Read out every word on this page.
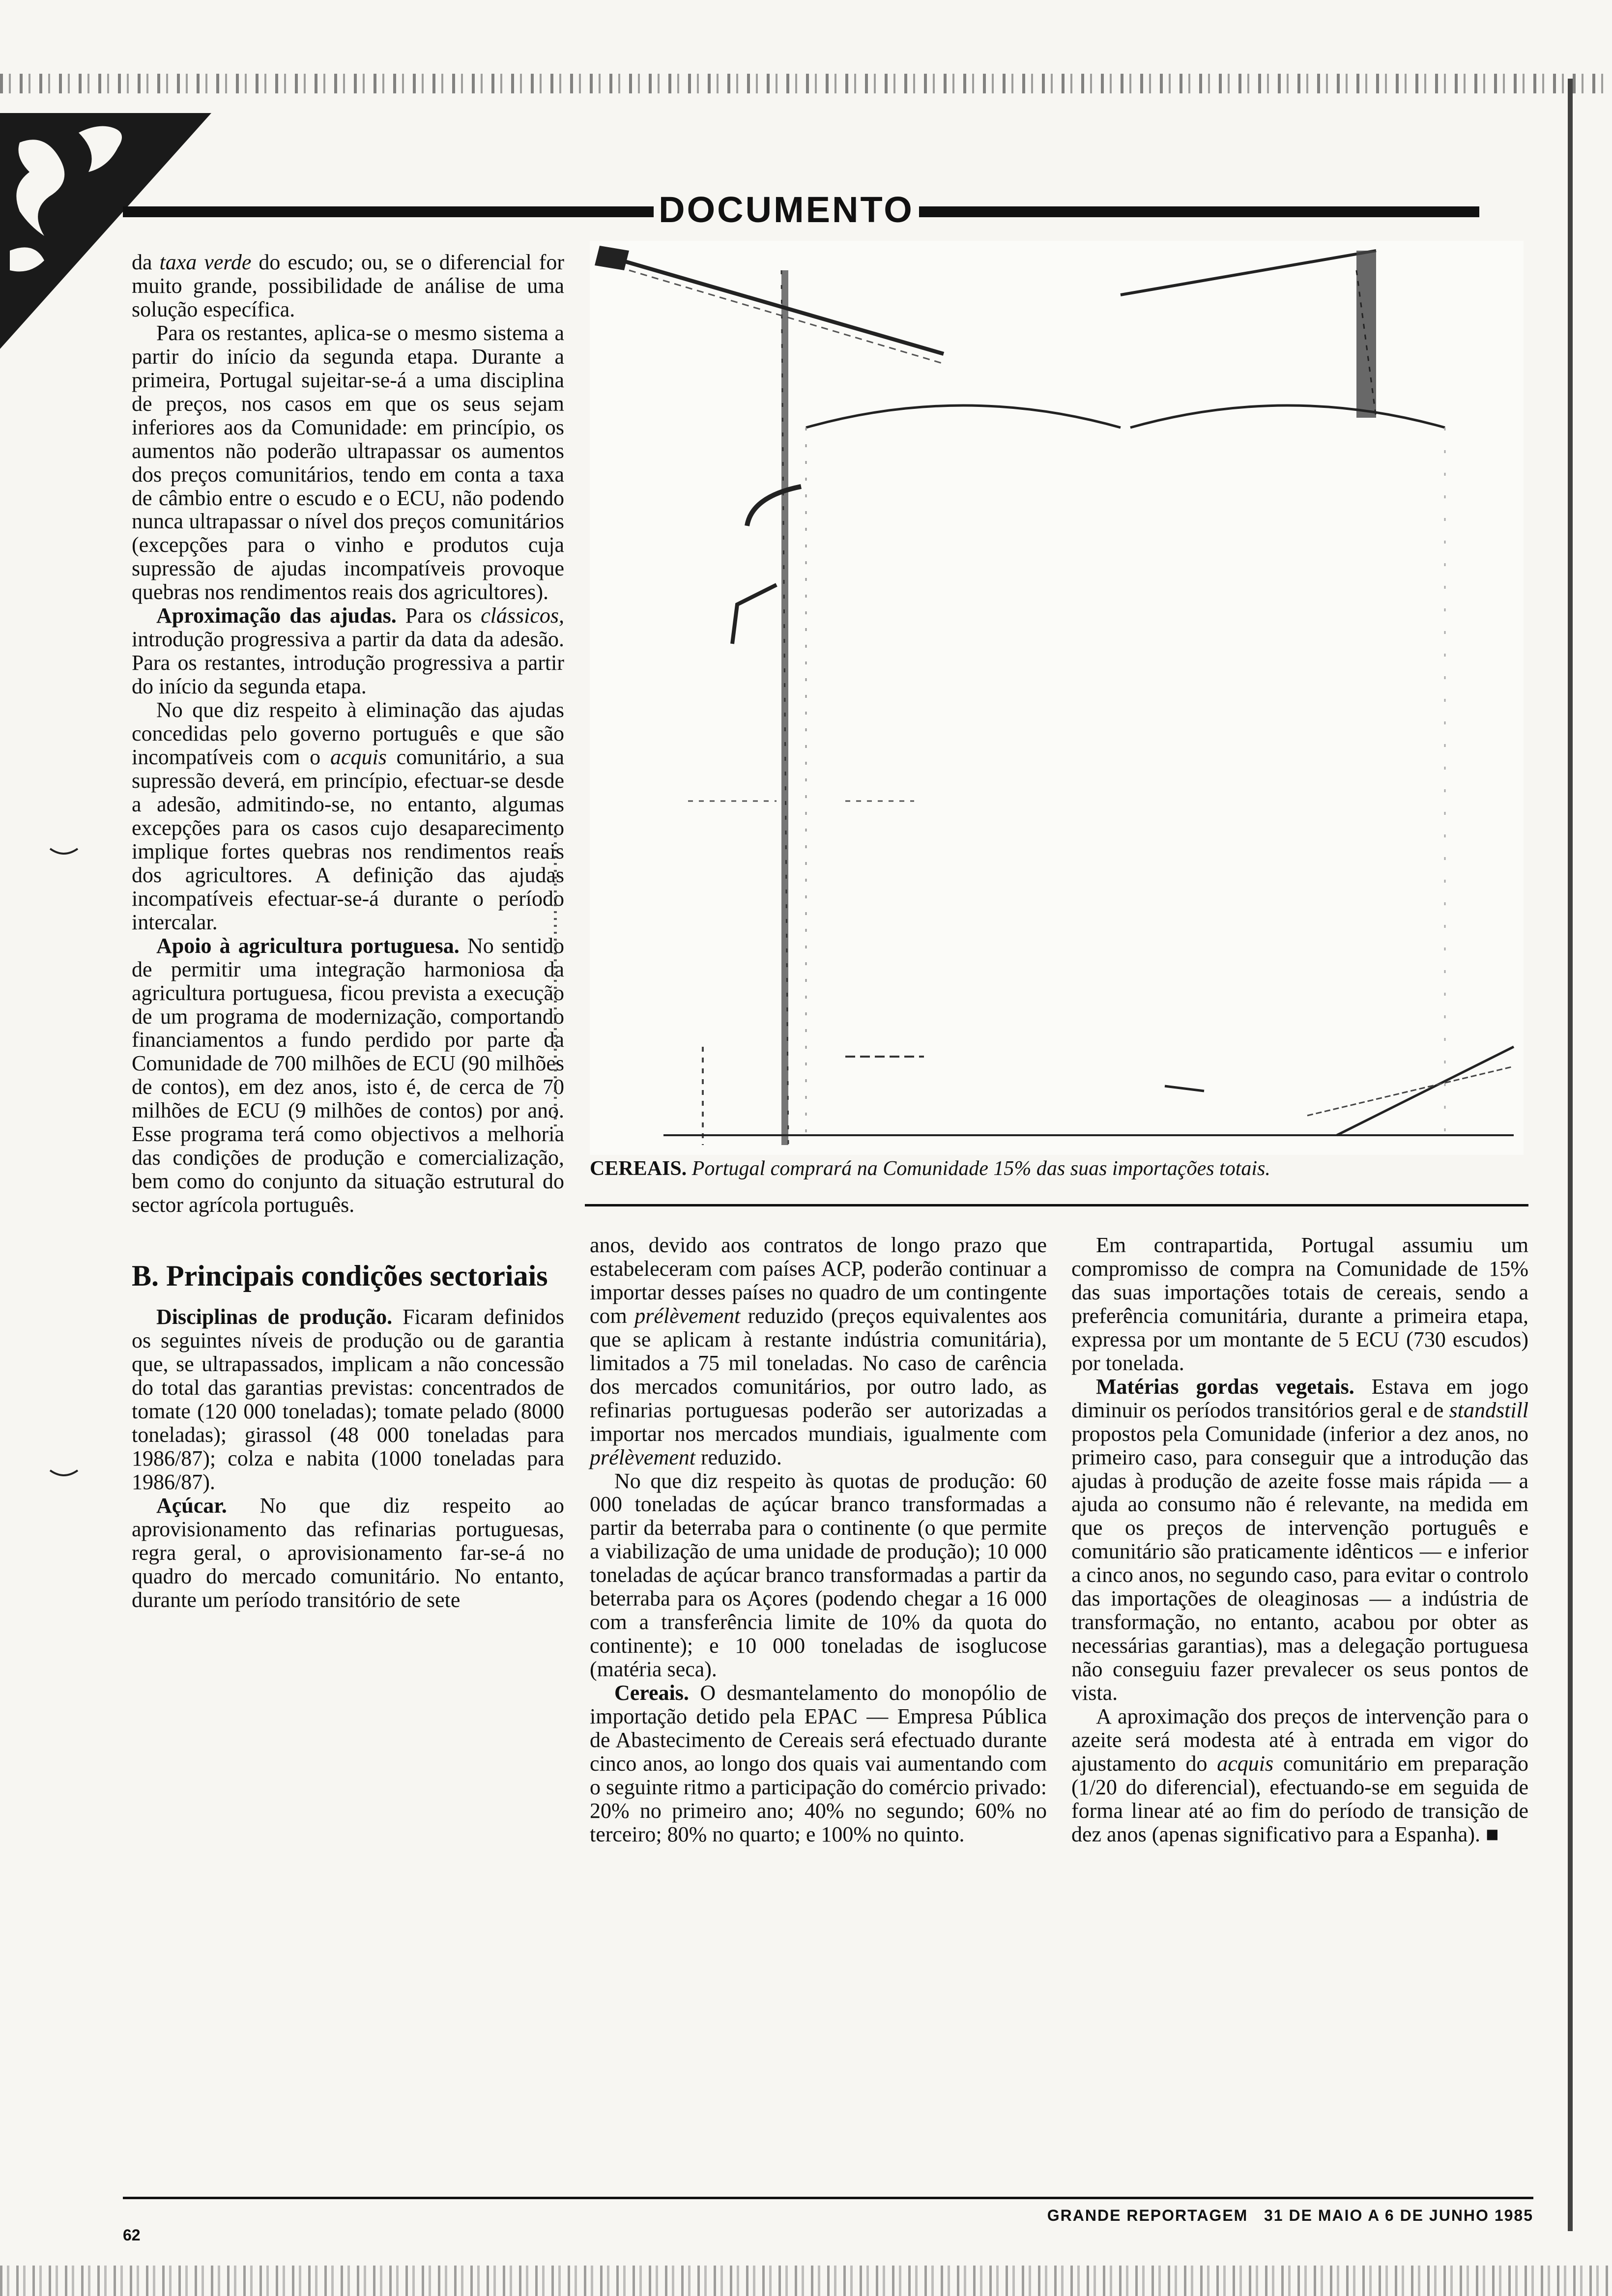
DOCUMENTO

da taxa verde do escudo; ou, se o diferencial for muito grande, possibilidade de análise de uma solução específica.

Para os restantes, aplica-se o mesmo sistema a partir do início da segunda etapa. Durante a primeira, Portugal sujeitar-se-á a uma disciplina de preços, nos casos em que os seus sejam inferiores aos da Comunidade: em princípio, os aumentos não poderão ultrapassar os aumentos dos preços comunitários, tendo em conta a taxa de câmbio entre o escudo e o ECU, não podendo nunca ultrapassar o nível dos preços comunitários (excepções para o vinho e produtos cuja supressão de ajudas incompatíveis provoque quebras nos rendimentos reais dos agricultores).

Aproximação das ajudas. Para os clássicos, introdução progressiva a partir da data da adesão. Para os restantes, introdução progressiva a partir do início da segunda etapa.

No que diz respeito à eliminação das ajudas concedidas pelo governo português e que são incompatíveis com o acquis comunitário, a sua supressão deverá, em princípio, efectuar-se desde a adesão, admitindo-se, no entanto, algumas excepções para os casos cujo desaparecimento implique fortes quebras nos rendimentos reais dos agricultores. A definição das ajudas incompatíveis efectuar-se-á durante o período intercalar.

Apoio à agricultura portuguesa. No sentido de permitir uma integração harmoniosa da agricultura portuguesa, ficou prevista a execução de um programa de modernização, comportando financiamentos a fundo perdido por parte da Comunidade de 700 milhões de ECU (90 milhões de contos), em dez anos, isto é, de cerca de 70 milhões de ECU (9 milhões de contos) por ano. Esse programa terá como objectivos a melhoria das condições de produção e comercialização, bem como do conjunto da situação estrutural do sector agrícola português.

B. Principais condições sectoriais

Disciplinas de produção. Ficaram definidos os seguintes níveis de produção ou de garantia que, se ultrapassados, implicam a não concessão do total das garantias previstas: concentrados de tomate (120 000 toneladas); tomate pelado (8000 toneladas); girassol (48 000 toneladas para 1986/87); colza e nabita (1000 toneladas para 1986/87).

Açúcar. No que diz respeito ao aprovisionamento das refinarias portuguesas, regra geral, o aprovisionamento far-se-á no quadro do mercado comunitário. No entanto, durante um período transitório de sete

CEREAIS. Portugal comprará na Comunidade 15% das suas importações totais.

anos, devido aos contratos de longo prazo que estabeleceram com países ACP, poderão continuar a importar desses países no quadro de um contingente com prélèvement reduzido (preços equivalentes aos que se aplicam à restante indústria comunitária), limitados a 75 mil toneladas. No caso de carência dos mercados comunitários, por outro lado, as refinarias portuguesas poderão ser autorizadas a importar nos mercados mundiais, igualmente com prélèvement reduzido.

No que diz respeito às quotas de produção: 60 000 toneladas de açúcar branco transformadas a partir da beterraba para o continente (o que permite a viabilização de uma unidade de produção); 10 000 toneladas de açúcar branco transformadas a partir da beterraba para os Açores (podendo chegar a 16 000 com a transferência limite de 10% da quota do continente); e 10 000 toneladas de isoglucose (matéria seca).

Cereais. O desmantelamento do monopólio de importação detido pela EPAC — Empresa Pública de Abastecimento de Cereais será efectuado durante cinco anos, ao longo dos quais vai aumentando com o seguinte ritmo a participação do comércio privado: 20% no primeiro ano; 40% no segundo; 60% no terceiro; 80% no quarto; e 100% no quinto.

Em contrapartida, Portugal assumiu um compromisso de compra na Comunidade de 15% das suas importações totais de cereais, sendo a preferência comunitária, durante a primeira etapa, expressa por um montante de 5 ECU (730 escudos) por tonelada.

Matérias gordas vegetais. Estava em jogo diminuir os períodos transitórios geral e de standstill propostos pela Comunidade (inferior a dez anos, no primeiro caso, para conseguir que a introdução das ajudas à produção de azeite fosse mais rápida — a ajuda ao consumo não é relevante, na medida em que os preços de intervenção português e comunitário são praticamente idênticos — e inferior a cinco anos, no segundo caso, para evitar o controlo das importações de oleaginosas — a indústria de transformação, no entanto, acabou por obter as necessárias garantias), mas a delegação portuguesa não conseguiu fazer prevalecer os seus pontos de vista.

A aproximação dos preços de intervenção para o azeite será modesta até à entrada em vigor do ajustamento do acquis comunitário em preparação (1/20 do diferencial), efectuando-se em seguida de forma linear até ao fim do período de transição de dez anos (apenas significativo para a Espanha). ■

GRANDE REPORTAGEM 31 DE MAIO A 6 DE JUNHO 1985
62
